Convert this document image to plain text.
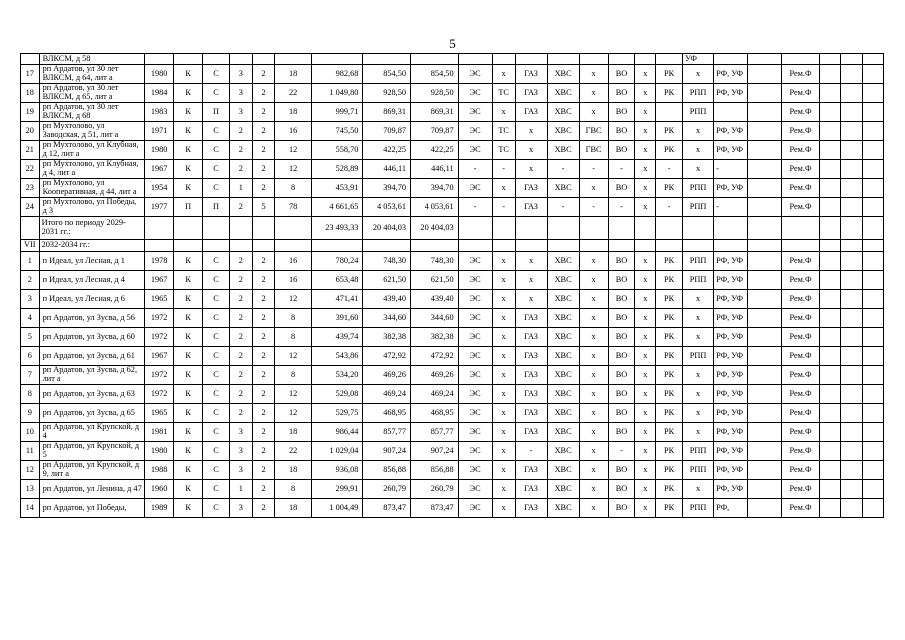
5
	ВЛКСМ, д 58																		УФ						
17	рп Ардатов, ул 30 лет ВЛКСМ, д 64, лит а	1980	К	С	3	2	18	982,68	854,50	854,50	ЭС	х	ГАЗ	ХВС	х	ВО	х	РК	х	РФ, УФ		Рем.Ф			
18	рп Ардатов, ул 30 лет ВЛКСМ, д 65, лит а	1984	К	С	3	2	22	1 049,80	928,50	928,50	ЭС	ТС	ГАЗ	ХВС	х	ВО	х	РК	РПП	РФ, УФ		Рем.Ф			
19	рп Ардатов, ул 30 лет ВЛКСМ, д 68	1983	К	П	3	2	18	999,71	869,31	869,31	ЭС	х	ГАЗ	ХВС	х	ВО	х		РПП			Рем.Ф			
20	рп Мухтолово, ул Заводская, д 51, лит а	1971	К	С	2	2	16	745,50	709,87	709,87	ЭС	ТС	х	ХВС	ГВС	ВО	х	РК	х	РФ, УФ		Рем.Ф			
21	рп Мухтолово, ул Клубная, д 12, лит а	1980	К	С	2	2	12	558,70	422,25	422,25	ЭС	ТС	х	ХВС	ГВС	ВО	х	РК	х	РФ, УФ		Рем.Ф			
22	рп Мухтолово, ул Клубная, д 4, лит а	1967	К	С	2	2	12	528,89	446,11	446,11	-	-	х	-	-	-	х	-	х	-		Рем.Ф			
23	рп Мухтолово, ул Кооперативная, д 44, лит а	1954	К	С	1	2	8	453,91	394,70	394,70	ЭС	х	ГАЗ	ХВС	х	ВО	х	РК	РПП	РФ, УФ		Рем.Ф			
24	рп Мухтолово, ул Победы, д 3	1977	П	П	2	5	78	4 661,65	4 053,61	4 053,61	-	-	ГАЗ	-	-	-	х	-	РПП	-		Рем.Ф			
	Итого по периоду 2029-2031 гг.:							23 493,33	20 404,03	20 404,03															
VII	2032-2034 гг.:																								
1	п Идеал, ул Лесная, д 1	1978	К	С	2	2	16	780,24	748,30	748,30	ЭС	х	х	ХВС	х	ВО	х	РК	РПП	РФ, УФ		Рем.Ф			
2	п Идеал, ул Лесная, д 4	1967	К	С	2	2	16	653,48	621,50	621,50	ЭС	х	х	ХВС	х	ВО	х	РК	РПП	РФ, УФ		Рем.Ф			
3	п Идеал, ул Лесная, д 6	1965	К	С	2	2	12	471,41	439,40	439,40	ЭС	х	х	ХВС	х	ВО	х	РК	х	РФ, УФ		Рем.Ф			
4	рп Ардатов, ул Зусва, д 56	1972	К	С	2	2	8	391,60	344,60	344,60	ЭС	х	ГАЗ	ХВС	х	ВО	х	РК	х	РФ, УФ		Рем.Ф			
5	рп Ардатов, ул Зусва, д 60	1972	К	С	2	2	8	439,74	382,38	382,38	ЭС	х	ГАЗ	ХВС	х	ВО	х	РК	х	РФ, УФ		Рем.Ф			
6	рп Ардатов, ул Зусва, д 61	1967	К	С	2	2	12	543,86	472,92	472,92	ЭС	х	ГАЗ	ХВС	х	ВО	х	РК	РПП	РФ, УФ		Рем.Ф			
7	рп Ардатов, ул Зусва, д 62, лит а	1972	К	С	2	2	8	534,20	469,26	469,26	ЭС	х	ГАЗ	ХВС	х	ВО	х	РК	х	РФ, УФ		Рем.Ф			
8	рп Ардатов, ул Зусва, д 63	1972	К	С	2	2	12	529,08	469,24	469,24	ЭС	х	ГАЗ	ХВС	х	ВО	х	РК	х	РФ, УФ		Рем.Ф			
9	рп Ардатов, ул Зусва, д 65	1965	К	С	2	2	12	529,75	468,95	468,95	ЭС	х	ГАЗ	ХВС	х	ВО	х	РК	х	РФ, УФ		Рем.Ф			
10	рп Ардатов, ул Крупской, д 4	1981	К	С	3	2	18	986,44	857,77	857,77	ЭС	х	ГАЗ	ХВС	х	ВО	х	РК	х	РФ, УФ		Рем.Ф			
11	рп Ардатов, ул Крупской, д 5	1980	К	С	3	2	22	1 029,04	907,24	907,24	ЭС	х	-	ХВС	х	-	х	РК	РПП	РФ, УФ		Рем.Ф			
12	рп Ардатов, ул Крупской, д 9, лит а	1988	К	С	3	2	18	936,08	856,88	856,88	ЭС	х	ГАЗ	ХВС	х	ВО	х	РК	РПП	РФ, УФ		Рем.Ф			
13	рп Ардатов, ул Ленина, д 47	1960	К	С	1	2	8	299,91	260,79	260,79	ЭС	х	ГАЗ	ХВС	х	ВО	х	РК	х	РФ, УФ		Рем.Ф			
14	рп Ардатов, ул Победы,	1989	К	С	3	2	18	1 004,49	873,47	873,47	ЭС	х	ГАЗ	ХВС	х	ВО	х	РК	РПП	РФ,		Рем.Ф			
